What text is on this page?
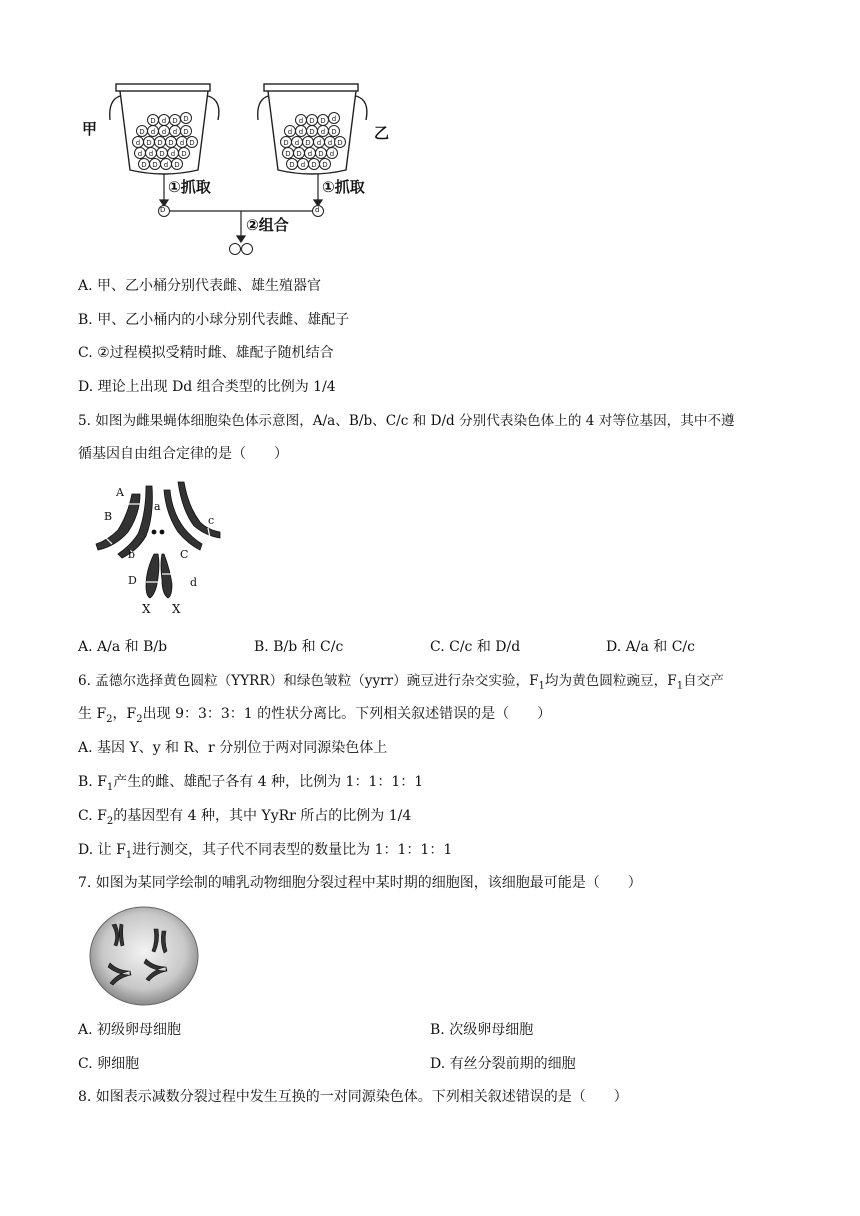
D d D D
D d d d D
d D D D d D
d d D d D
D D d D
d D D d
d d D d D
D d D d d D
D D d D d
D d D D
D	d
甲	乙
①抓取	①抓取
②组合
A. 甲、乙小桶分别代表雌、雄生殖器官
B. 甲、乙小桶内的小球分别代表雌、雄配子
C. ②过程模拟受精时雌、雄配子随机结合
D. 理论上出现 Dd 组合类型的比例为 1/4
5. 如图为雌果蝇体细胞染色体示意图，A/a、B/b、C/c 和 D/d 分别代表染色体上的 4 对等位基因，其中不遵
循基因自由组合定律的是（　　）
A
a
B
b	C
c
D	d
X X
A. A/a 和 B/b	B. B/b 和 C/c	C. C/c 和 D/d	D. A/a 和 C/c
6. 孟德尔选择黄色圆粒（YYRR）和绿色皱粒（yyrr）豌豆进行杂交实验，$F_1$均为黄色圆粒豌豆，$F_1$自交产
生 $F_2$，$F_2$出现 9：3：3：1 的性状分离比。下列相关叙述错误的是（　　）
A. 基因 Y、y 和 R、r 分别位于两对同源染色体上
B. $F_1$产生的雌、雄配子各有 4 种，比例为 1：1：1：1
C. $F_2$的基因型有 4 种，其中 YyRr 所占的比例为 1/4
D. 让 $F_1$进行测交，其子代不同表型的数量比为 1：1：1：1
7. 如图为某同学绘制的哺乳动物细胞分裂过程中某时期的细胞图，该细胞最可能是（　　）
A. 初级卵母细胞	B. 次级卵母细胞
C. 卵细胞	D. 有丝分裂前期的细胞
8. 如图表示减数分裂过程中发生互换的一对同源染色体。下列相关叙述错误的是（　　）
